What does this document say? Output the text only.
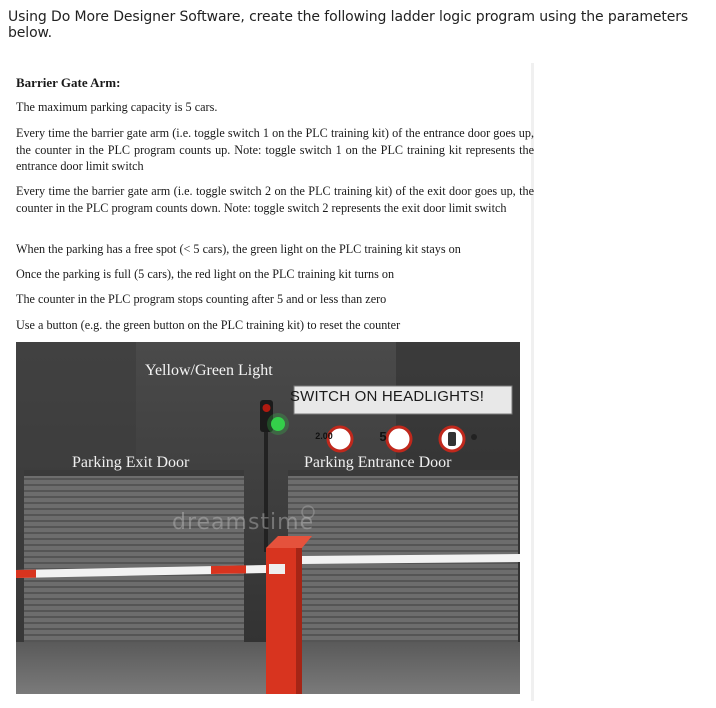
Using Do More Designer Software, create the following ladder logic program using the parameters below.
Barrier Gate Arm:
The maximum parking capacity is 5 cars.
Every time the barrier gate arm (i.e. toggle switch 1 on the PLC training kit) of the entrance door goes up, the counter in the PLC program counts up. Note: toggle switch 1 on the PLC training kit represents the entrance door limit switch
Every time the barrier gate arm (i.e. toggle switch 2 on the PLC training kit) of the exit door goes up, the counter in the PLC program counts down. Note: toggle switch 2 represents the exit door limit switch
When the parking has a free spot (< 5 cars), the green light on the PLC training kit stays on
Once the parking is full (5 cars), the red light on the PLC training kit turns on
The counter in the PLC program stops counting after 5 and or less than zero
Use a button (e.g. the green button on the PLC training kit) to reset the counter
Yellow/Green Light
SWITCH ON HEADLIGHTS!
2.00	5
Parking Exit Door	Parking Entrance Door
dreamstime
